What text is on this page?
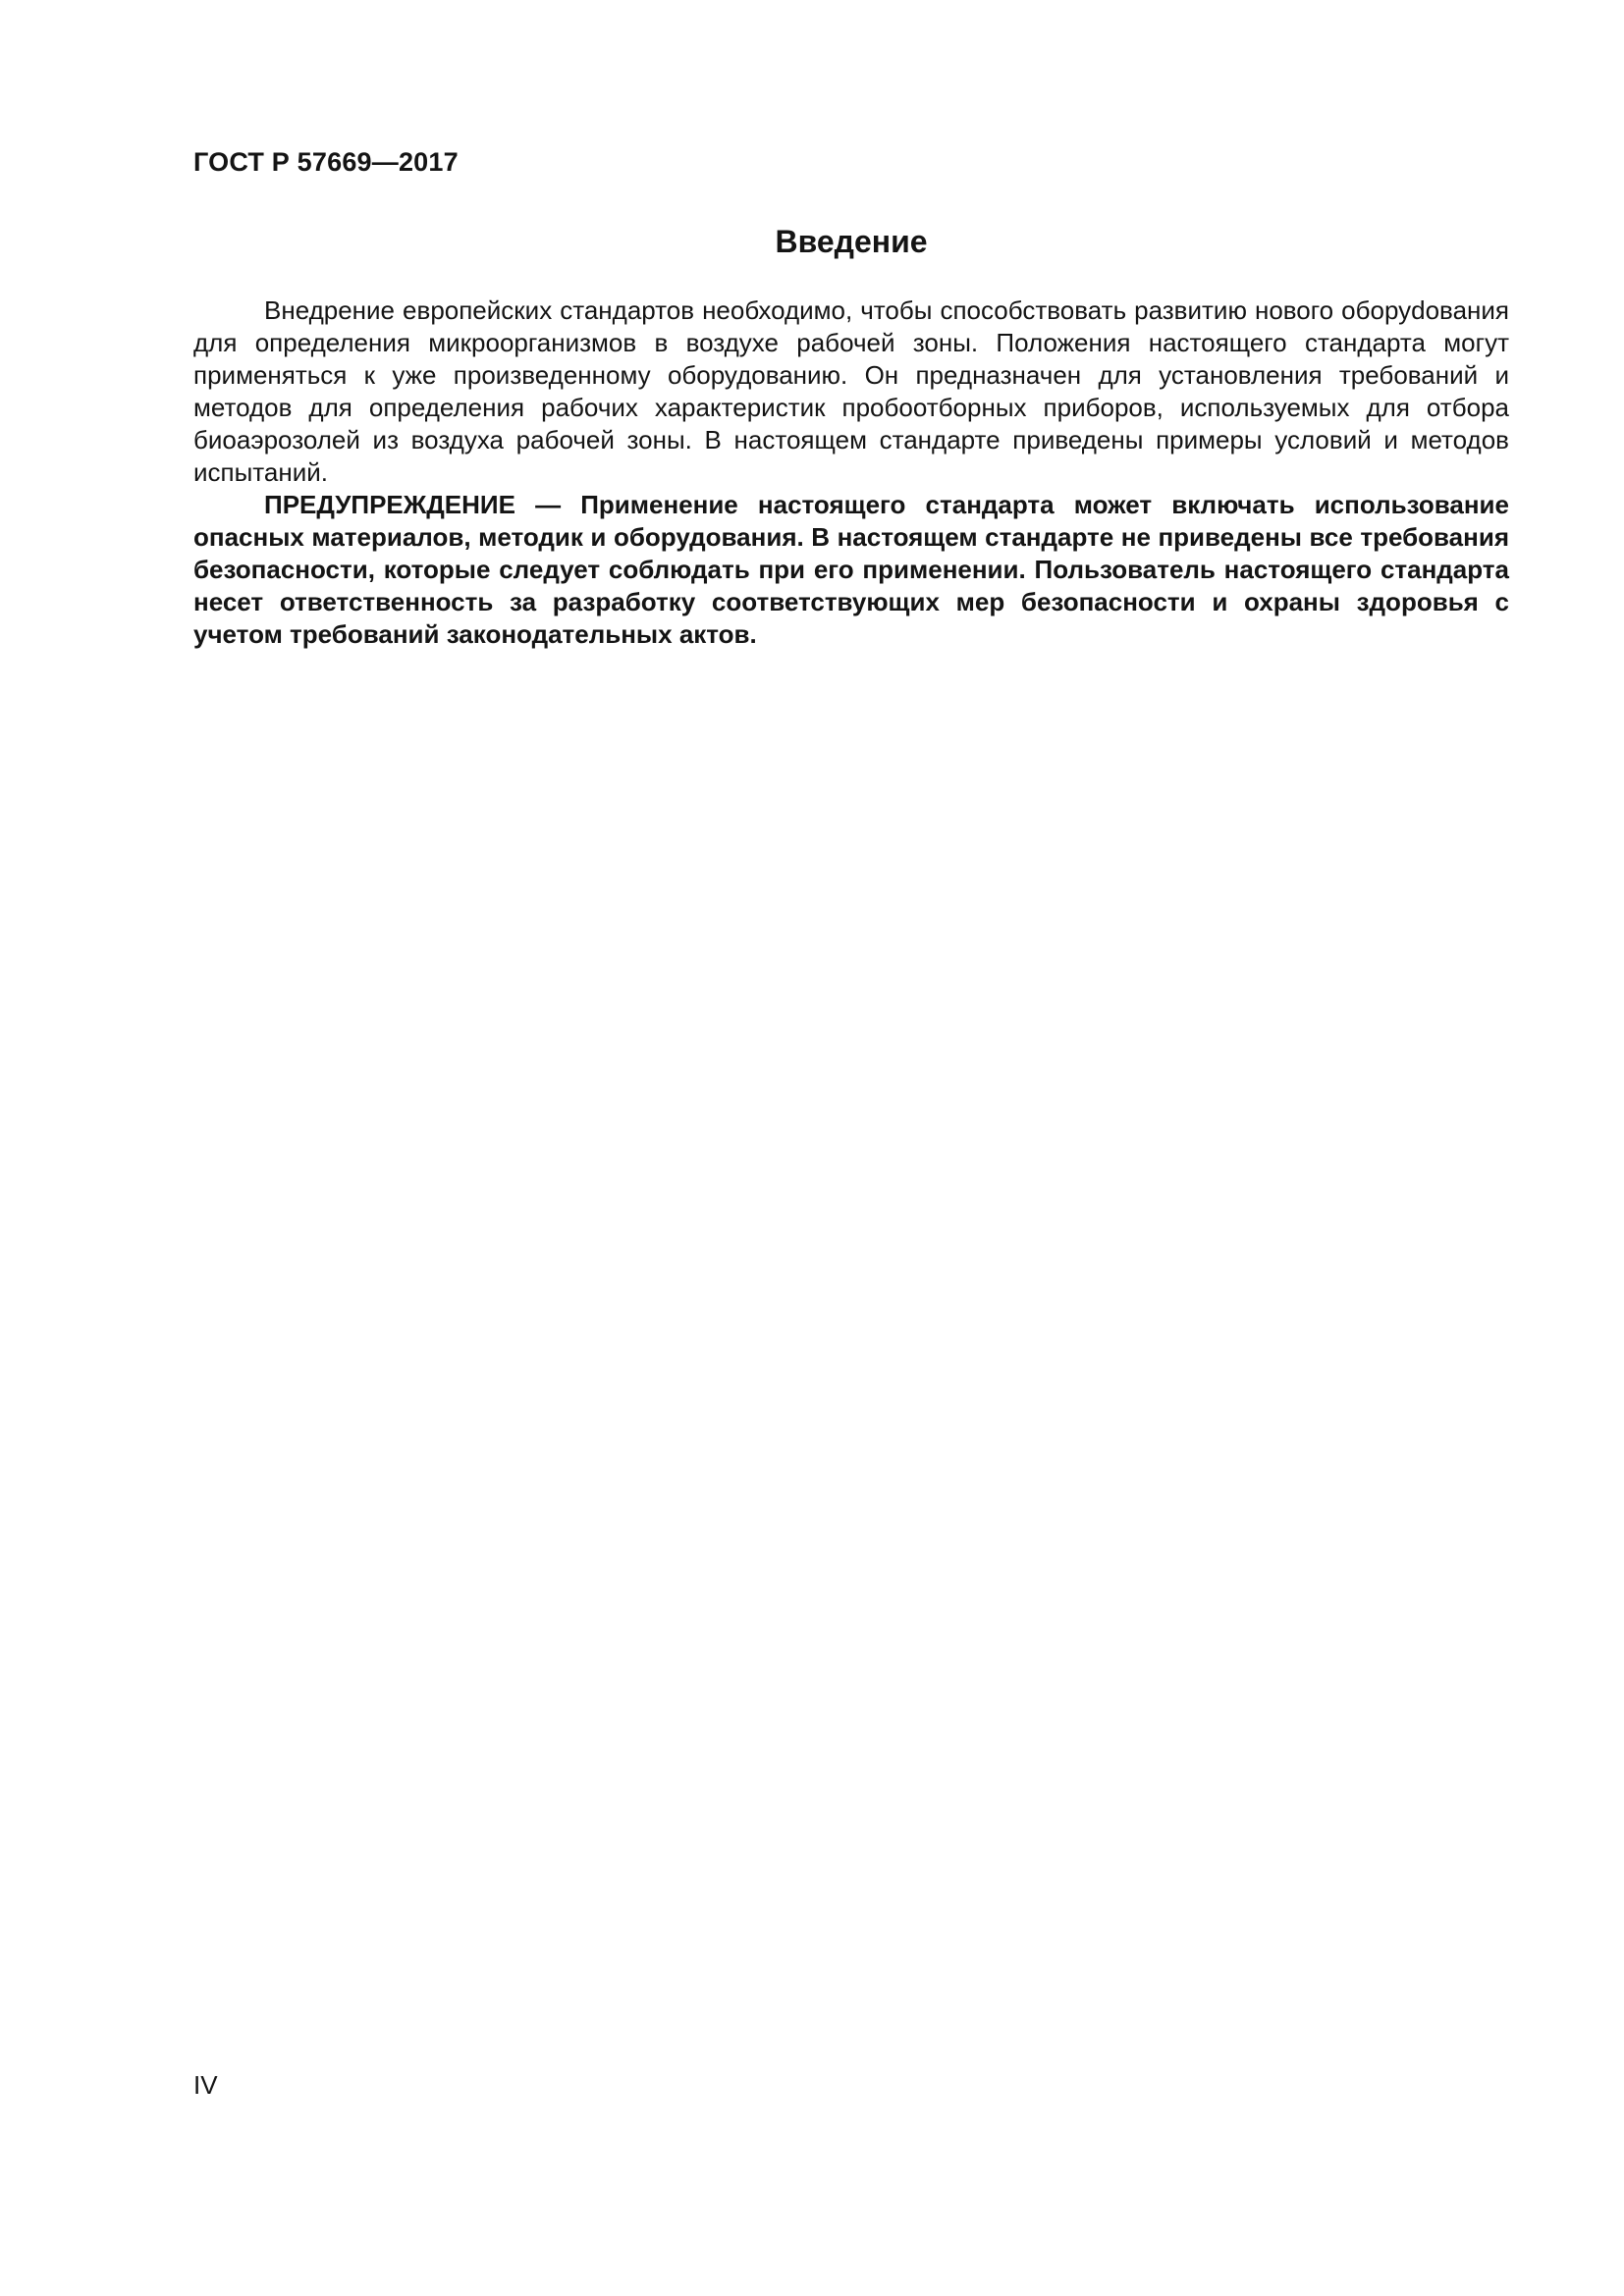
ГОСТ Р 57669—2017

Введение

Внедрение европейских стандартов необходимо, чтобы способствовать развитию нового оборуdования для определения микроорганизмов в воздухе рабочей зоны. Положения настоящего стандарта могут применяться к уже произведенному оборудованию. Он предназначен для установления требований и методов для определения рабочих характеристик пробоотборных приборов, используемых для отбора биоаэрозолей из воздуха рабочей зоны. В настоящем стандарте приведены примеры условий и методов испытаний.

ПРЕДУПРЕЖДЕНИЕ — Применение настоящего стандарта может включать использование опасных материалов, методик и оборудования. В настоящем стандарте не приведены все требования безопасности, которые следует соблюдать при его применении. Пользователь настоящего стандарта несет ответственность за разработку соответствующих мер безопасности и охраны здоровья с учетом требований законодательных актов.

IV
